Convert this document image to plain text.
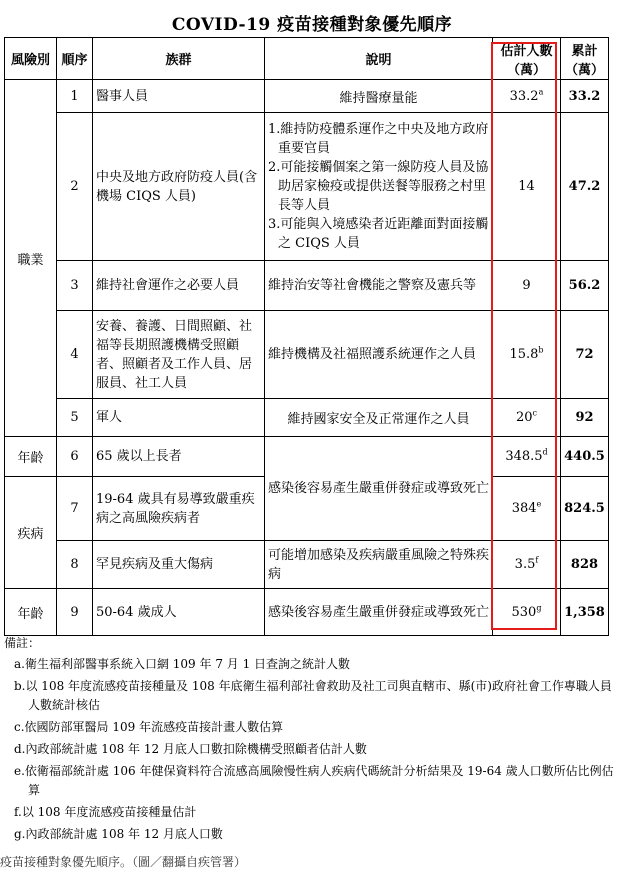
COVID-19 疫苗接種對象優先順序
風險別	順序	族群	說明	估計人數（萬）	累計（萬）
職業	1	醫事人員	維持醫療量能	33.2$^a$	33.2
	2	中央及地方政府防疫人員(含機場 CIQS 人員)	1.維持防疫體系運作之中央及地方政府重要官員
2.可能接觸個案之第一線防疫人員及協助居家檢疫或提供送餐等服務之村里長等人員
3.可能與入境感染者近距離面對面接觸之 CIQS 人員	14	47.2
	3	維持社會運作之必要人員	維持治安等社會機能之警察及憲兵等	9	56.2
	4	安養、養護、日間照顧、社福等長期照護機構受照顧者、照顧者及工作人員、居服員、社工人員	維持機構及社福照護系統運作之人員	15.8$^b$	72
	5	軍人	維持國家安全及正常運作之人員	20$^c$	92
年齡	6	65 歲以上長者	感染後容易產生嚴重併發症或導致死亡	348.5$^d$	440.5
疾病	7	19-64 歲具有易導致嚴重疾病之高風險疾病者		384e	824.5
	8	罕見疾病及重大傷病	可能增加感染及疾病嚴重風險之特殊疾病	3.5$^f$	828
年齡	9	50-64 歲成人	感染後容易產生嚴重併發症或導致死亡	530$^g$	1,358
備註：
a.衛生福利部醫事系統入口網 109 年 7 月 1 日查詢之統計人數
b.以 108 年度流感疫苗接種量及 108 年底衛生福利部社會救助及社工司與直轄市、縣(市)政府社會工作專職人員人數統計核估
c.依國防部軍醫局 109 年流感疫苗接計畫人數估算
d.內政部統計處 108 年 12 月底人口數扣除機構受照顧者估計人數
e.依衛福部統計處 106 年健保資料符合流感高風險慢性病人疾病代碼統計分析結果及 19-64 歲人口數所佔比例估算
f.以 108 年度流感疫苗接種量估計
g.內政部統計處 108 年 12 月底人口數
疫苗接種對象優先順序。（圖／翻攝自疾管署）
